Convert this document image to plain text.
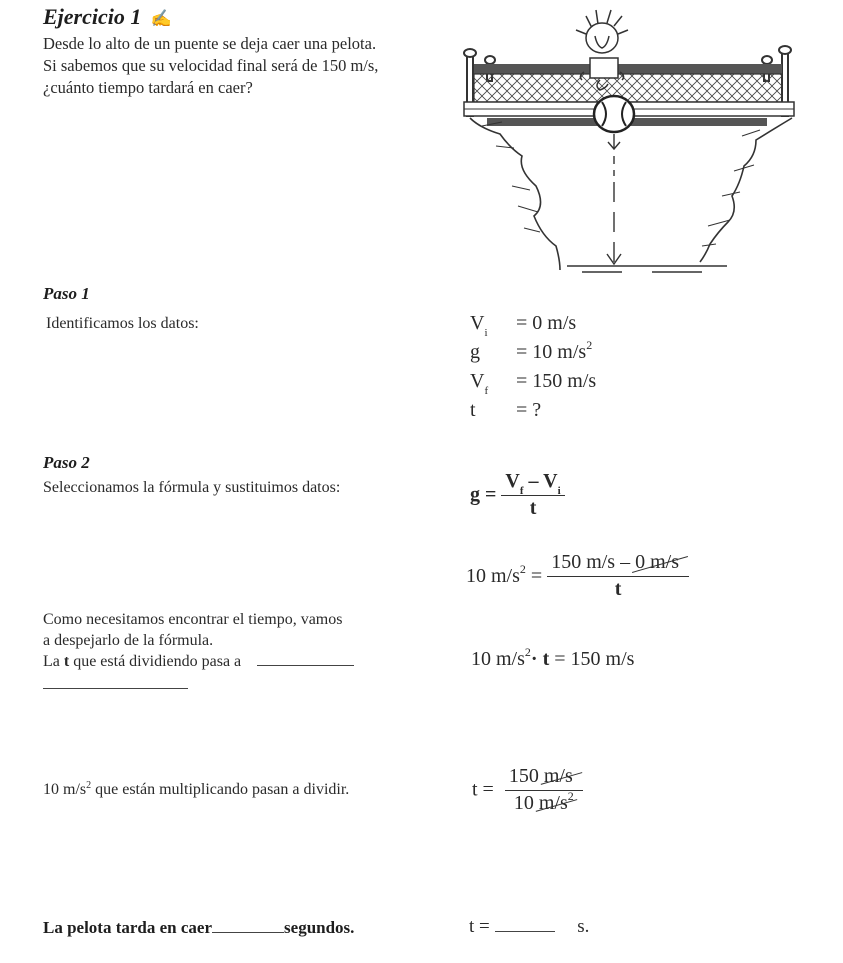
Ejercicio 1 ✍
Desde lo alto de un puente se deja caer una pelota.
Si sabemos que su velocidad final será de 150 m/s,
¿cuánto tiempo tardará en caer?
Paso 1
Identificamos los datos:	$V_i$	= 0 m/s
g	= 10 $m/s^2$
$V_f$	= 150 m/s
t	= ?
Paso 2
Seleccionamos la fórmula y sustituimos datos:	$g = \frac{V_f - V_i}{t}$
10 $m/s^2 = \frac{150 m/s - 0 m/s}{t}$
Como necesitamos encontrar el tiempo, vamos
a despejarlo de la fórmula.
La t que está dividiendo pasa a	10 $m/s^2\cdot t = 150$ m/s
10 $m/s^2$ que están multiplicando pasan a dividir.	$t = \frac{150 m/s}{10 m/s^2}$
La pelota tarda en caer	segundos.	t =	s.
